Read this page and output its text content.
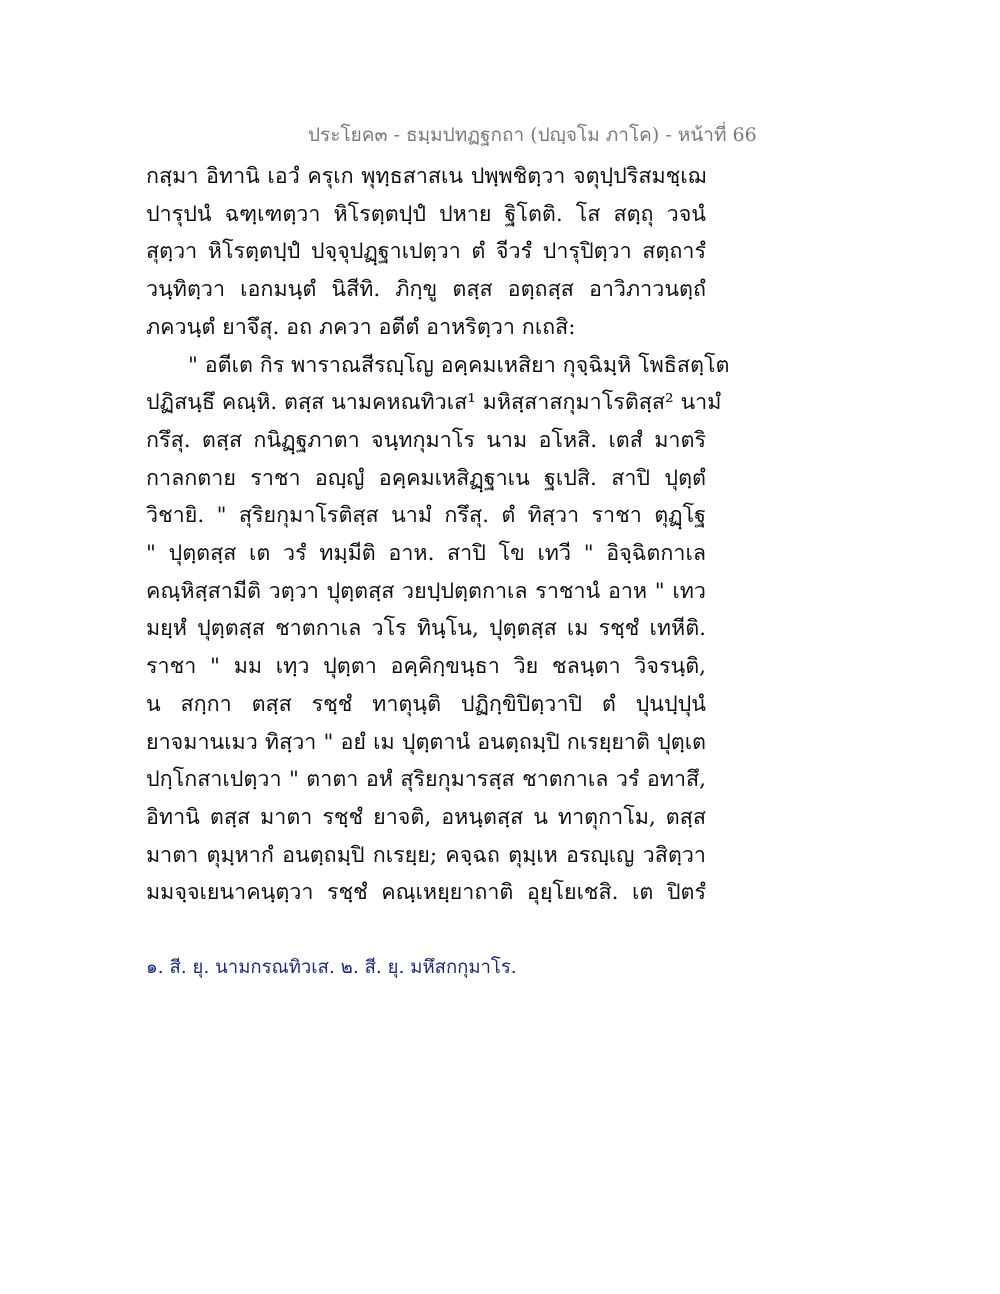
ประโยค๓ - ธมฺมปทฏฐกถา (ปญฺจโม ภาโค) - หน้าที่ 66
กสฺมา อิทานิ เอวํ ครุเก พุทฺธสาสเน ปพฺพชิตฺวา จตุปฺปริสมชฺเฌ
ปารุปนํ ฉฑฺเฑตฺวา หิโรตฺตปฺปํ ปหาย ฐิโตติ. โส สตฺถุ วจนํ
สุตฺวา หิโรตฺตปฺปํ ปจฺจุปฏฺฐาเปตฺวา ตํ จีวรํ ปารุปิตฺวา สตฺถารํ
วนฺทิตฺวา เอกมนฺตํ นิสีทิ. ภิกฺขู ตสฺส อตฺถสฺส อาวิภาวนตฺถํ
ภควนฺตํ ยาจึสุ. อถ ภควา อตีตํ อาหริตฺวา กเถสิ:
" อตีเต กิร พาราณสีรญฺโญ อคฺคมเหสิยา กุจฺฉิมฺหิ โพธิสตฺโต
ปฏิสนฺธึ คณฺหิ. ตสฺส นามคหณทิวเส¹ มหิสฺสาสกุมาโรติสฺส² นามํ
กรึสุ. ตสฺส กนิฏฺฐภาตา จนฺทกุมาโร นาม อโหสิ. เตสํ มาตริ
กาลกตาย ราชา อญฺญํ อคฺคมเหสิฏฺฐาเน ฐเปสิ. สาปิ ปุตฺตํ
วิชายิ. " สุริยกุมาโรติสฺส นามํ กรึสุ. ตํ ทิสฺวา ราชา ตุฏฺโฐ
" ปุตฺตสฺส เต วรํ ทมฺมีติ อาห. สาปิ โข เทวี " อิจฺฉิตกาเล
คณฺหิสฺสามีติ วตฺวา ปุตฺตสฺส วยปฺปตฺตกาเล ราชานํ อาห " เทว
มยฺหํ ปุตฺตสฺส ชาตกาเล วโร ทินฺโน, ปุตฺตสฺส เม รชฺชํ เทหีติ.
ราชา " มม เทฺว ปุตฺตา อคฺคิกฺขนฺธา วิย ชลนฺตา วิจรนฺติ,
น สกฺกา ตสฺส รชฺชํ ทาตุนฺติ ปฏิกฺขิปิตฺวาปิ ตํ ปุนปฺปุนํ
ยาจมานเมว ทิสฺวา " อยํ เม ปุตฺตานํ อนตฺถมฺปิ กเรยฺยาติ ปุตฺเต
ปกฺโกสาเปตฺวา " ตาตา อหํ สุริยกุมารสฺส ชาตกาเล วรํ อทาสึ,
อิทานิ ตสฺส มาตา รชฺชํ ยาจติ, อหนฺตสฺส น ทาตุกาโม, ตสฺส
มาตา ตุมฺหากํ อนตฺถมฺปิ กเรยฺย; คจฺฉถ ตุมฺเห อรญฺเญ วสิตฺวา
มมจฺจเยนาคนฺตฺวา รชฺชํ คณฺเหยฺยาถาติ อุยฺโยเชสิ. เต ปิตรํ
๑. สี. ยุ. นามกรณทิวเส. ๒. สี. ยุ. มหึสกกุมาโร.
